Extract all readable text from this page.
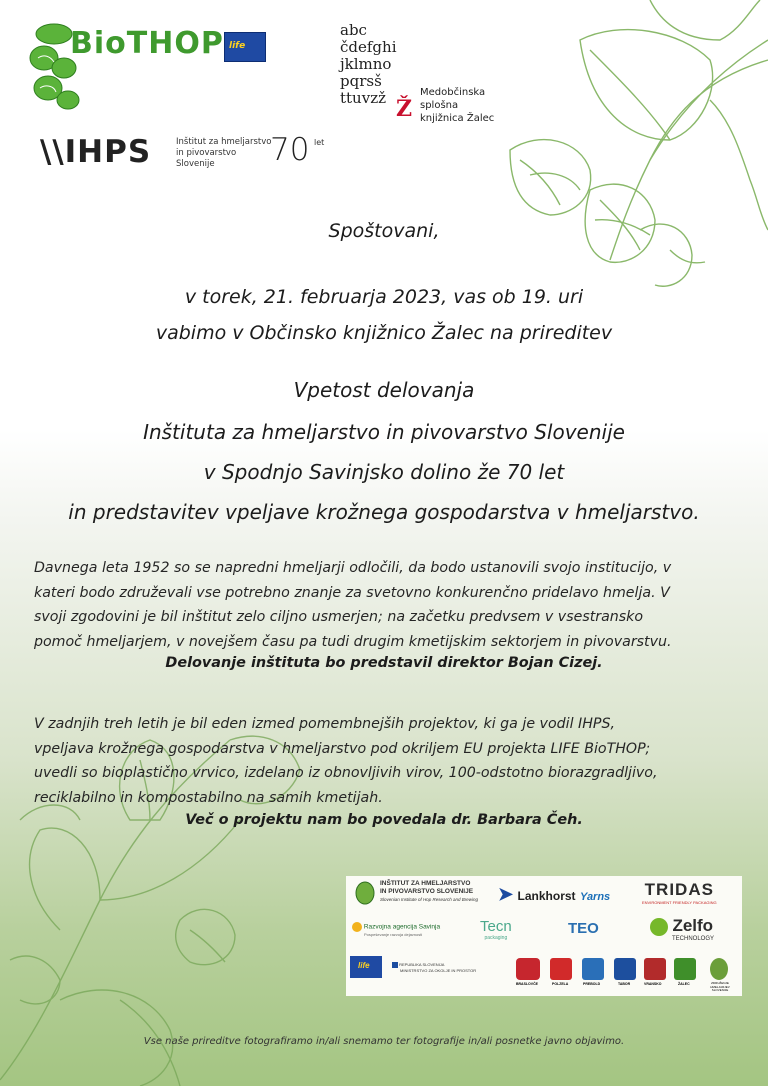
BioTHOP life
abc
čdefghi
jklmno
pqrsš
ttuvzž Ž
Medobčinska
splošna
knjižnica Žalec
\\IHPS	Inštitut za hmeljarstvo
in pivovarstvo
Slovenije	70 let
Spoštovani,
v torek, 21. februarja 2023, vas ob 19. uri
vabimo v Občinsko knjižnico Žalec na prireditev
Vpetost delovanja
Inštituta za hmeljarstvo in pivovarstvo Slovenije
v Spodnjo Savinjsko dolino že 70 let
in predstavitev vpeljave krožnega gospodarstva v hmeljarstvo.
Davnega leta 1952 so se napredni hmeljarji odločili, da bodo ustanovili svojo institucijo, v
kateri bodo združevali vse potrebno znanje za svetovno konkurenčno pridelavo hmelja. V
svoji zgodovini je bil inštitut zelo ciljno usmerjen; na začetku predvsem v vsestransko
pomoč hmeljarjem, v novejšem času pa tudi drugim kmetijskim sektorjem in pivovarstvu.
Delovanje inštituta bo predstavil direktor Bojan Cizej.
V zadnjih treh letih je bil eden izmed pomembnejših projektov, ki ga je vodil IHPS,
vpeljava krožnega gospodarstva v hmeljarstvo pod okriljem EU projekta LIFE BioTHOP;
uvedli so bioplastično vrvico, izdelano iz obnovljivih virov, 100-odstotno biorazgradljivo,
reciklabilno in kompostabilno na samih kmetijah.
Več o projektu nam bo povedala dr. Barbara Čeh.
INŠTITUT ZA HMELJARSTVO
IN PIVOVARSTVO SLOVENIJE
Slovenian Institute of Hop Research and Brewing ➤ Lankhorst Yarns TRIDAS
ENVIRONMENT FRIENDLY PACKAGING
Razvojna agencija Savinja
Pospeševanje razvoja dejavnosti	Tecn
packaging
TEO	Zelfo
TECHNOLOGY
life	REPUBLIKA SLOVENIJA
MINISTRSTVO ZA OKOLJE IN PROSTOR
BRASLOVČE	POLZELA	PREBOLD	TABOR	VRANSKO	ŽALEC	ZDRUŽENJE HMELJARJEV SLOVENIJE
Vse naše prireditve fotografiramo in/ali snemamo ter fotografije in/ali posnetke javno objavimo.
